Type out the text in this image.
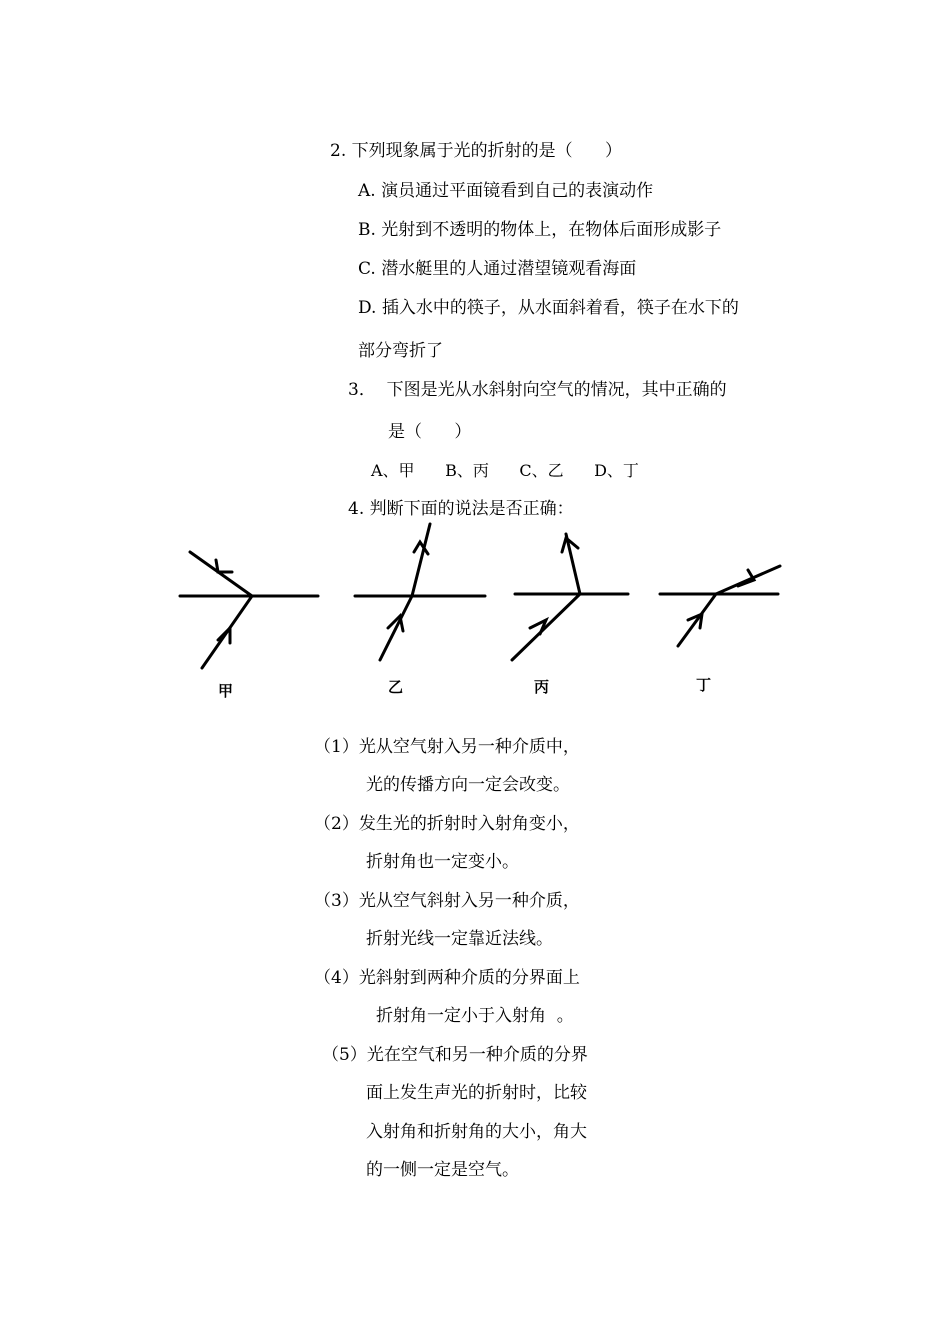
2. 下列现象属于光的折射的是（      ）
A. 演员通过平面镜看到自己的表演动作
B. 光射到不透明的物体上，在物体后面形成影子
C. 潜水艇里的人通过潜望镜观看海面
D. 插入水中的筷子，从水面斜着看，筷子在水下的
部分弯折了
3．  下图是光从水斜射向空气的情况，其中正确的
是（      ）
A、甲      B、丙      C、乙      D、丁
4. 判断下面的说法是否正确：
甲	乙	丙	丁
（1）光从空气射入另一种介质中，
光的传播方向一定会改变。
（2）发生光的折射时入射角变小，
折射角也一定变小。
（3）光从空气斜射入另一种介质，
折射光线一定靠近法线。
（4）光斜射到两种介质的分界面上
折射角一定小于入射角  。
（5）光在空气和另一种介质的分界
面上发生声光的折射时，比较
入射角和折射角的大小，角大
的一侧一定是空气。
